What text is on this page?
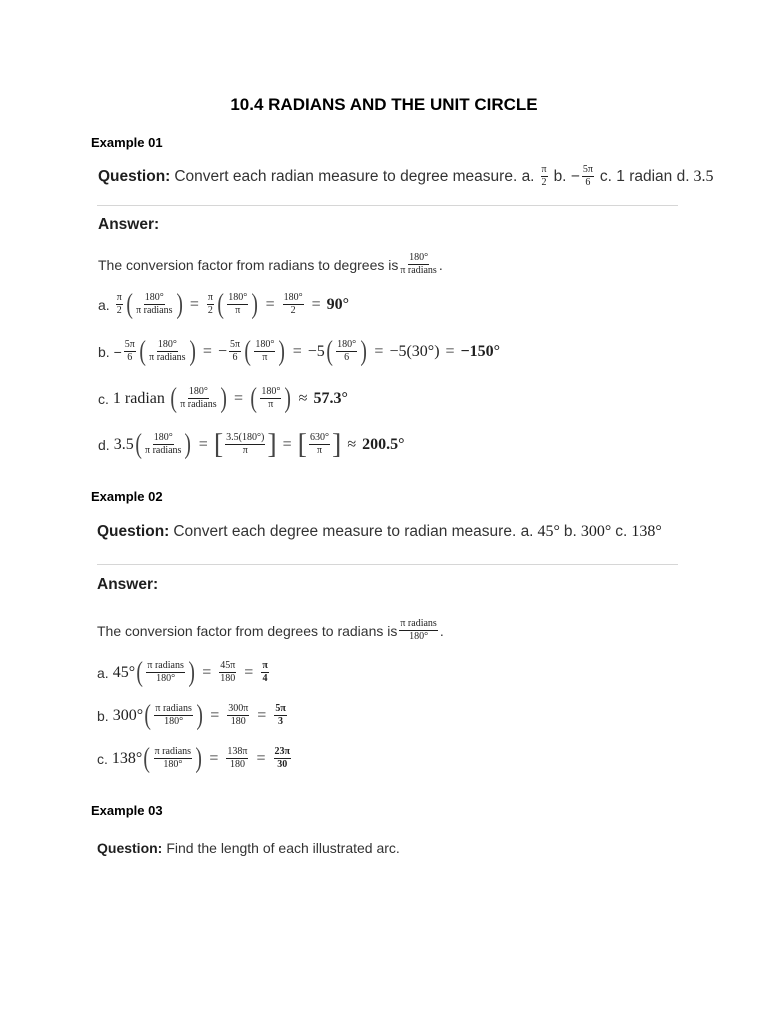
10.4 RADIANS AND THE UNIT CIRCLE
Example 01
Question: Convert each radian measure to degree measure. a. $\frac{\pi}{2} b$. − $\frac{5\pi}{6} c$. 1 radian d. 3.5
Answer:
The conversion factor from radians to degrees is $\frac{180^\circ}{\text{π radians}}$ .
a. $\frac{\pi}{2}$ ( $\frac{180^\circ}{\text{π radians}}$ ) = $\frac{\pi}{2}$ ( $\frac{180^\circ}{\pi}$ ) = $\frac{180^\circ}{2} = 90^\circ$
b. − $\frac{5\pi}{6}$ ( $\frac{180^\circ}{\text{π radians}}$ ) = − $\frac{5\pi}{6}$ ( $\frac{180^\circ}{\pi}$ ) = −5 ( $\frac{180^\circ}{6}$ ) = −5(30°) = −150°
c. 1 radian ( $\frac{180^\circ}{\text{π radians}}$ ) = ( $\frac{180^\circ}{\pi}$ ) ≈ 57.3°
d. 3.5 ( $\frac{180^\circ}{\text{π radians}}$ ) = [ $\frac{3.5(180^\circ)}{\pi}$ ] = [ $\frac{630^\circ}{\pi}$ ] ≈ 200.5°
Example 02
Question: Convert each degree measure to radian measure. a. 45° b. 300° c. 138°
Answer:
The conversion factor from degrees to radians is $\frac{\text{π radians}}{180^\circ}$ .
a. 45° ( $\frac{\text{π radians}}{180^\circ}$ ) = $\frac{45\pi}{180} = \frac{\pi}{4}$
b. 300° ( $\frac{\text{π radians}}{180^\circ}$ ) = $\frac{300\pi}{180} = \frac{5\pi}{3}$
c. 138° ( $\frac{\text{π radians}}{180^\circ}$ ) = $\frac{138\pi}{180} = \frac{23\pi}{30}$
Example 03
Question: Find the length of each illustrated arc.
